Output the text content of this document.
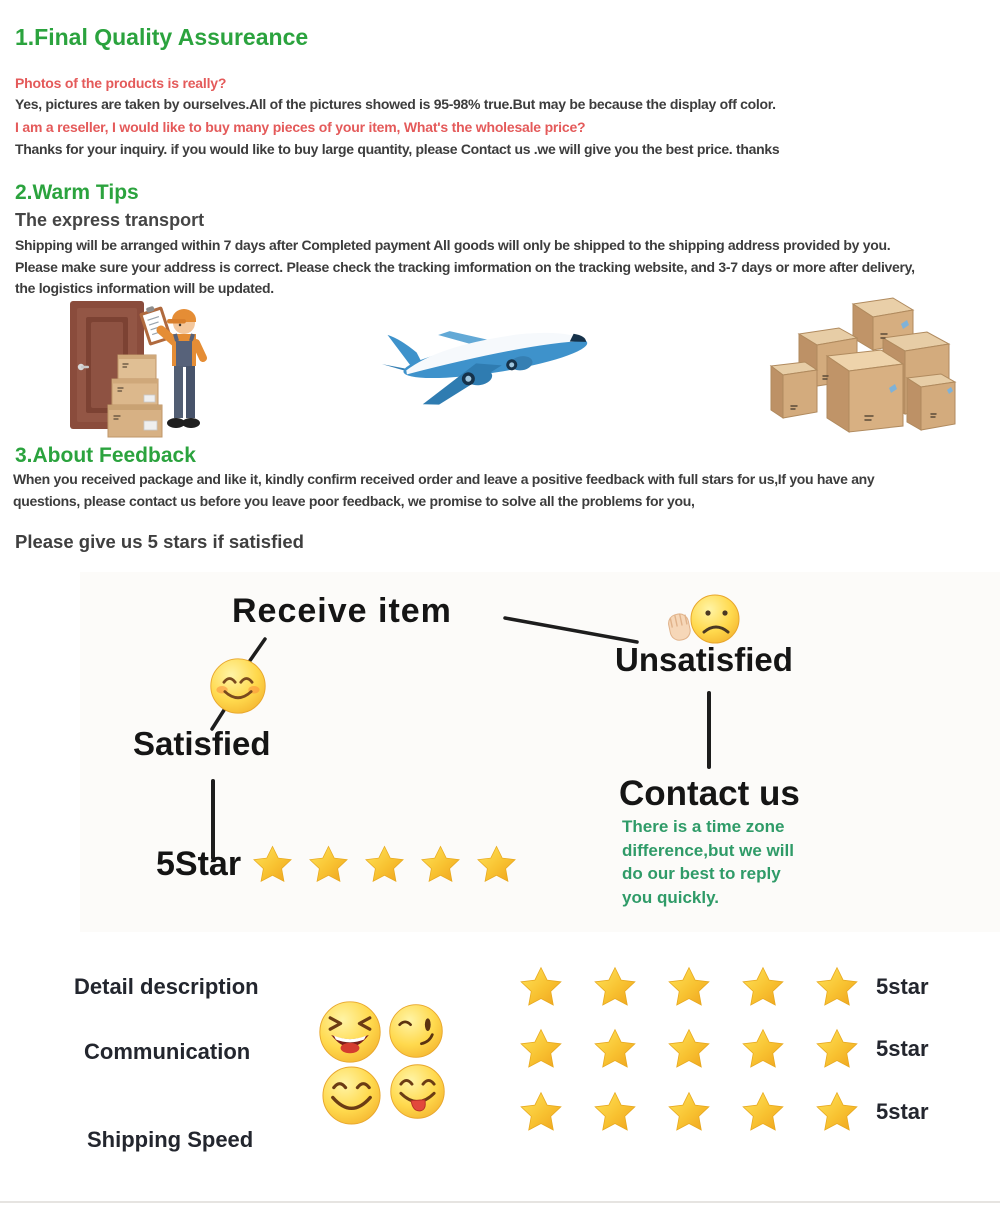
1.Final Quality Assureance
Photos of the products is really?
Yes, pictures are taken by ourselves.All of the pictures showed is 95-98% true.But may be because the display off color.
I am a reseller, I would like to buy many pieces of your item, What's the wholesale price?
Thanks for your inquiry. if you would like to buy large quantity, please Contact us .we will give you the best price. thanks
2.Warm Tips
The express transport
Shipping will be arranged within 7 days after Completed payment All goods will only be shipped to the shipping address provided by you.
Please make sure your address is correct. Please check the tracking imformation on the tracking website, and 3-7 days or more after delivery,
the logistics information will be updated.
3.About Feedback
When you received package and like it, kindly confirm received order and leave a positive feedback with full stars for us,If you have any
questions, please contact us before you leave poor feedback, we promise to solve all the problems for you,
Please give us 5 stars if satisfied
Receive item
Satisfied
5Star
Unsatisfied
Contact us
There is a time zone
difference,but we will
do our best to reply
you quickly.
Detail description
Communication
Shipping Speed
5star
5star
5star
